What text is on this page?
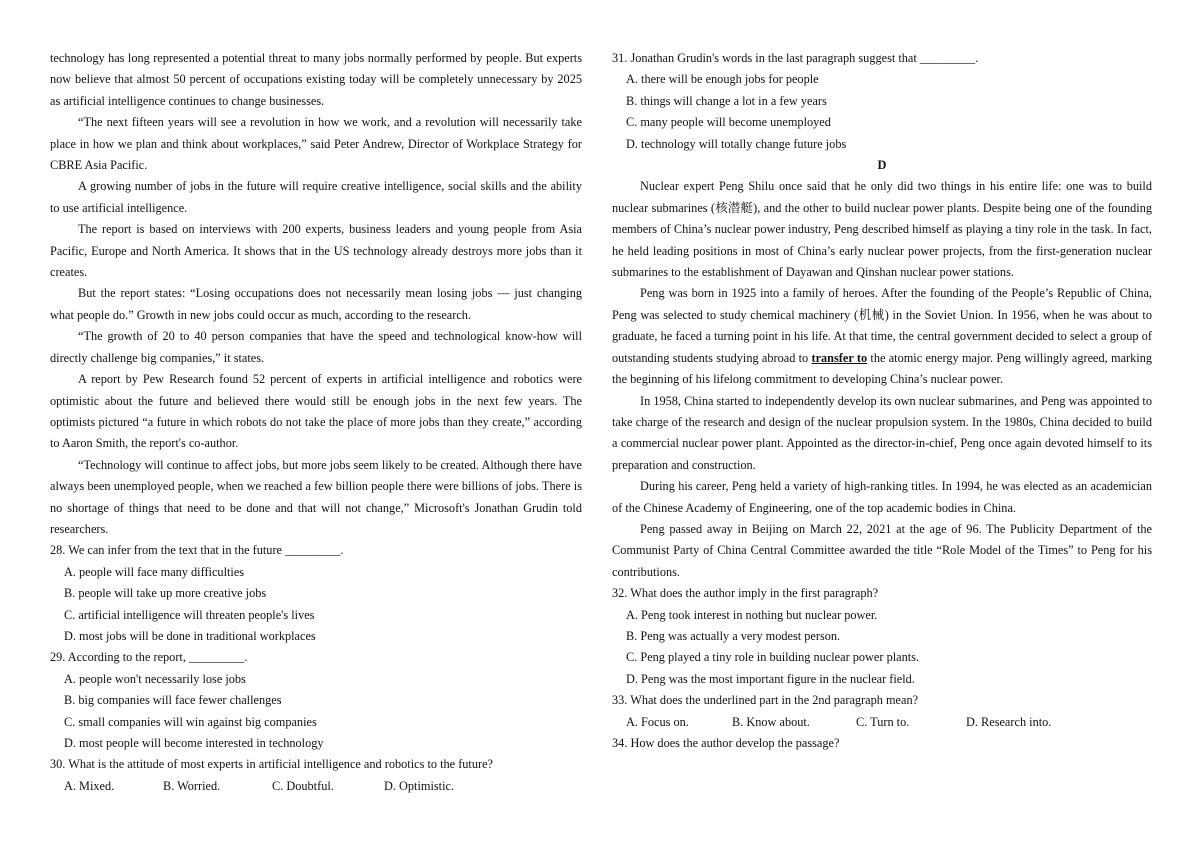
technology has long represented a potential threat to many jobs normally performed by people. But experts now believe that almost 50 percent of occupations existing today will be completely unnecessary by 2025 as artificial intelligence continues to change businesses.

“The next fifteen years will see a revolution in how we work, and a revolution will necessarily take place in how we plan and think about workplaces,” said Peter Andrew, Director of Workplace Strategy for CBRE Asia Pacific.

A growing number of jobs in the future will require creative intelligence, social skills and the ability to use artificial intelligence.

The report is based on interviews with 200 experts, business leaders and young people from Asia Pacific, Europe and North America. It shows that in the US technology already destroys more jobs than it creates.

But the report states: “Losing occupations does not necessarily mean losing jobs — just changing what people do.” Growth in new jobs could occur as much, according to the research.

“The growth of 20 to 40 person companies that have the speed and technological know-how will directly challenge big companies,” it states.

A report by Pew Research found 52 percent of experts in artificial intelligence and robotics were optimistic about the future and believed there would still be enough jobs in the next few years. The optimists pictured “a future in which robots do not take the place of more jobs than they create,” according to Aaron Smith, the report's co-author.

“Technology will continue to affect jobs, but more jobs seem likely to be created. Although there have always been unemployed people, when we reached a few billion people there were billions of jobs. There is no shortage of things that need to be done and that will not change,” Microsoft's Jonathan Grudin told researchers.

28. We can infer from the text that in the future _________.

A. people will face many difficulties

B. people will take up more creative jobs

C. artificial intelligence will threaten people's lives

D. most jobs will be done in traditional workplaces

29. According to the report, _________.

A. people won't necessarily lose jobs

B. big companies will face fewer challenges

C. small companies will win against big companies

D. most people will become interested in technology

30. What is the attitude of most experts in artificial intelligence and robotics to the future?

A. Mixed.	B. Worried.	C. Doubtful.	D. Optimistic.

31. Jonathan Grudin's words in the last paragraph suggest that _________.

A. there will be enough jobs for people

B. things will change a lot in a few years

C. many people will become unemployed

D. technology will totally change future jobs

D

Nuclear expert Peng Shilu once said that he only did two things in his entire life: one was to build nuclear submarines (核潜艇), and the other to build nuclear power plants. Despite being one of the founding members of China’s nuclear power industry, Peng described himself as playing a tiny role in the task. In fact, he held leading positions in most of China’s early nuclear power projects, from the first-generation nuclear submarines to the establishment of Dayawan and Qinshan nuclear power stations.

Peng was born in 1925 into a family of heroes. After the founding of the People’s Republic of China, Peng was selected to study chemical machinery (机械) in the Soviet Union. In 1956, when he was about to graduate, he faced a turning point in his life. At that time, the central government decided to select a group of outstanding students studying abroad to transfer to the atomic energy major. Peng willingly agreed, marking the beginning of his lifelong commitment to developing China’s nuclear power.

In 1958, China started to independently develop its own nuclear submarines, and Peng was appointed to take charge of the research and design of the nuclear propulsion system. In the 1980s, China decided to build a commercial nuclear power plant. Appointed as the director-in-chief, Peng once again devoted himself to its preparation and construction.

During his career, Peng held a variety of high-ranking titles. In 1994, he was elected as an academician of the Chinese Academy of Engineering, one of the top academic bodies in China.

Peng passed away in Beijing on March 22, 2021 at the age of 96. The Publicity Department of the Communist Party of China Central Committee awarded the title “Role Model of the Times” to Peng for his contributions.

32. What does the author imply in the first paragraph?

A. Peng took interest in nothing but nuclear power.

B. Peng was actually a very modest person.

C. Peng played a tiny role in building nuclear power plants.

D. Peng was the most important figure in the nuclear field.

33. What does the underlined part in the 2nd paragraph mean?

A. Focus on.	B. Know about.	C. Turn to.	D. Research into.

34. How does the author develop the passage?
